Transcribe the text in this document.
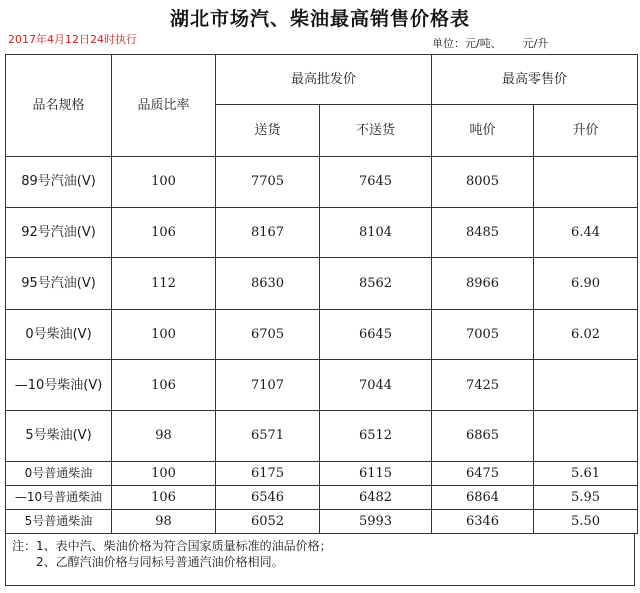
湖北市场汽、柴油最高销售价格表
2017年4月12日24时执行	单位：元/吨、      元/升
品名规格	品质比率	最高批发价		最高零售价	
		送货	不送货	吨价	升价
89号汽油(Ⅴ)	100	7705	7645	8005	
92号汽油(Ⅴ)	106	8167	8104	8485	6.44
95号汽油(Ⅴ)	112	8630	8562	8966	6.90
0号柴油(Ⅴ)	100	6705	6645	7005	6.02
—10号柴油(Ⅴ)	106	7107	7044	7425	
5号柴油(Ⅴ)	98	6571	6512	6865	
0号普通柴油	100	6175	6115	6475	5.61
—10号普通柴油	106	6546	6482	6864	5.95
5号普通柴油	98	6052	5993	6346	5.50
注：1、表中汽、柴油价格为符合国家质量标准的油品价格；
2、乙醇汽油价格与同标号普通汽油价格相同。
